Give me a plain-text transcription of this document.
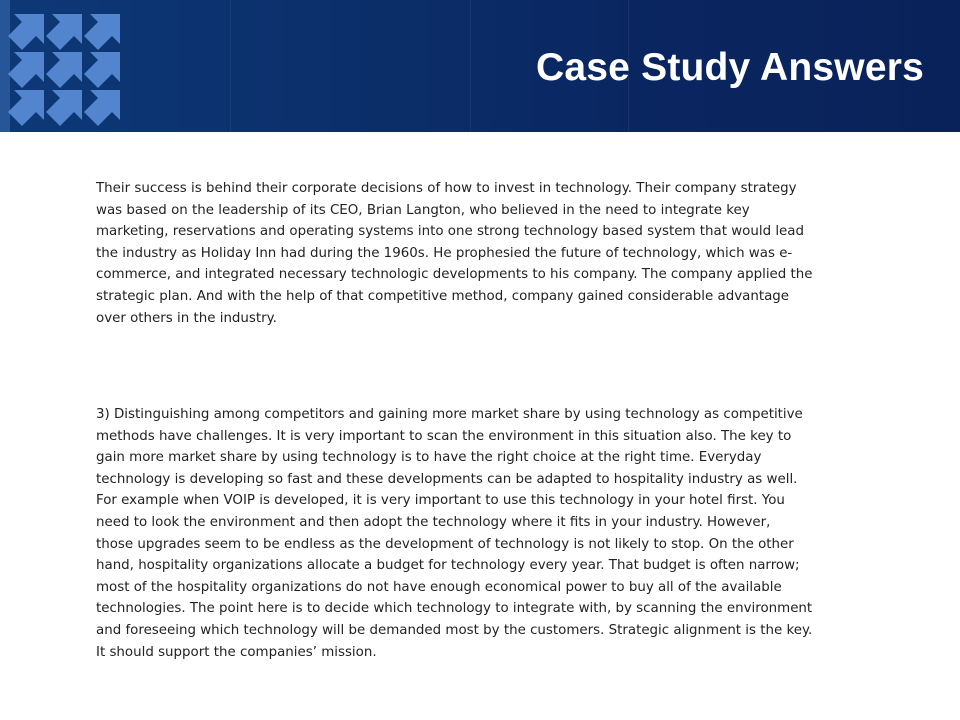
Case Study Answers
Their success is behind their corporate decisions of how to invest in technology. Their company strategy
was based on the leadership of its CEO, Brian Langton, who believed in the need to integrate key
marketing, reservations and operating systems into one strong technology based system that would lead
the industry as Holiday Inn had during the 1960s. He prophesied the future of technology, which was e-
commerce, and integrated necessary technologic developments to his company. The company applied the
strategic plan. And with the help of that competitive method, company gained considerable advantage
over others in the industry.
3) Distinguishing among competitors and gaining more market share by using technology as competitive
methods have challenges. It is very important to scan the environment in this situation also. The key to
gain more market share by using technology is to have the right choice at the right time. Everyday
technology is developing so fast and these developments can be adapted to hospitality industry as well.
For example when VOIP is developed, it is very important to use this technology in your hotel first. You
need to look the environment and then adopt the technology where it fits in your industry. However,
those upgrades seem to be endless as the development of technology is not likely to stop. On the other
hand, hospitality organizations allocate a budget for technology every year. That budget is often narrow;
most of the hospitality organizations do not have enough economical power to buy all of the available
technologies. The point here is to decide which technology to integrate with, by scanning the environment
and foreseeing which technology will be demanded most by the customers. Strategic alignment is the key.
It should support the companies’ mission.
